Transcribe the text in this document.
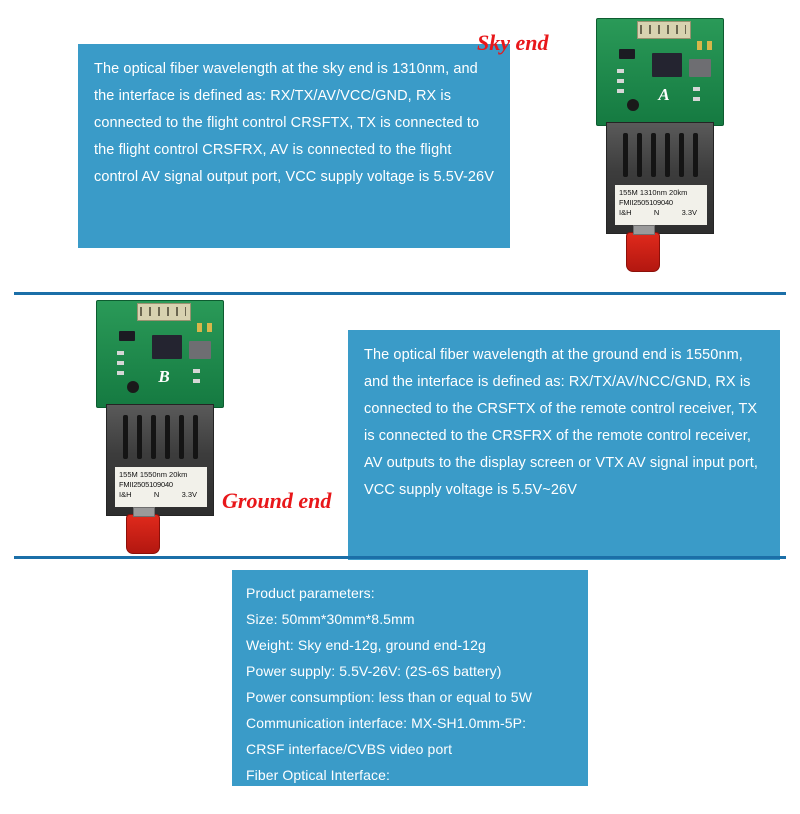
The optical fiber wavelength at the sky end is 1310nm, and the interface is defined as: RX/TX/AV/VCC/GND, RX is connected to the flight control CRSFTX, TX is connected to the flight control CRSFRX, AV is connected to the flight control AV signal output port, VCC supply voltage is 5.5V-26V

Sky end
A
155M 1310nm 20km
FMII2505109040
I&H	N	3.3V
B
155M 1550nm 20km
FMII2505109040
I&H	N	3.3V Ground end

The optical fiber wavelength at the ground end is 1550nm, and the interface is defined as: RX/TX/AV/NCC/GND, RX is connected to the CRSFTX of the remote control receiver, TX is connected to the CRSFRX of the remote control receiver, AV outputs to the display screen or VTX AV signal input port, VCC supply voltage is 5.5V~26V

Product parameters:
Size: 50mm*30mm*8.5mm
Weight: Sky end-12g, ground end-12g
Power supply: 5.5V-26V: (2S-6S battery)
Power consumption: less than or equal to 5W
Communication interface: MX-SH1.0mm-5P:
CRSF interface/CVBS video port
Fiber Optical Interface:
FC, Communication Distance: Maximum 20KM
